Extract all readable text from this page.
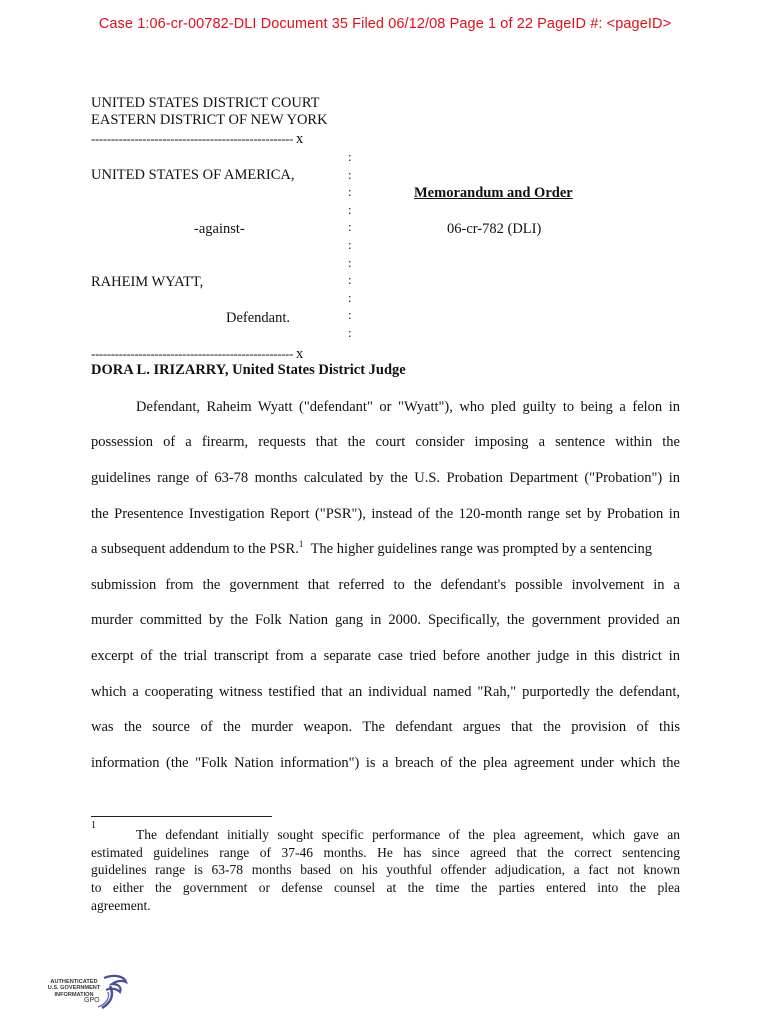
Case 1:06-cr-00782-DLI Document 35 Filed 06/12/08 Page 1 of 22 PageID #: <pageID>
UNITED STATES DISTRICT COURT
EASTERN DISTRICT OF NEW YORK
--------------------------------------------------- x
UNITED STATES OF AMERICA,
-against-
RAHEIM WYATT,
Defendant.
:
:
:
:
:
:
:
:
:
:
:
Memorandum and Order
06-cr-782 (DLI)
--------------------------------------------------- x
DORA L. IRIZARRY, United States District Judge
Defendant, Raheim Wyatt ("defendant" or "Wyatt"), who pled guilty to being a felon in
possession of a firearm, requests that the court consider imposing a sentence within the
guidelines range of 63-78 months calculated by the U.S. Probation Department ("Probation") in
the Presentence Investigation Report ("PSR"), instead of the 120-month range set by Probation in
a subsequent addendum to the PSR.$^1$ The higher guidelines range was prompted by a sentencing
submission from the government that referred to the defendant's possible involvement in a
murder committed by the Folk Nation gang in 2000. Specifically, the government provided an
excerpt of the trial transcript from a separate case tried before another judge in this district in
which a cooperating witness testified that an individual named "Rah," purportedly the defendant,
was the source of the murder weapon. The defendant argues that the provision of this
information (the "Folk Nation information") is a breach of the plea agreement under which the
1
The defendant initially sought specific performance of the plea agreement, which gave an
estimated guidelines range of 37-46 months. He has since agreed that the correct sentencing
guidelines range is 63-78 months based on his youthful offender adjudication, a fact not known
to either the government or defense counsel at the time the parties entered into the plea
agreement.
AUTHENTICATED
U.S. GOVERNMENT
INFORMATION
GPO
